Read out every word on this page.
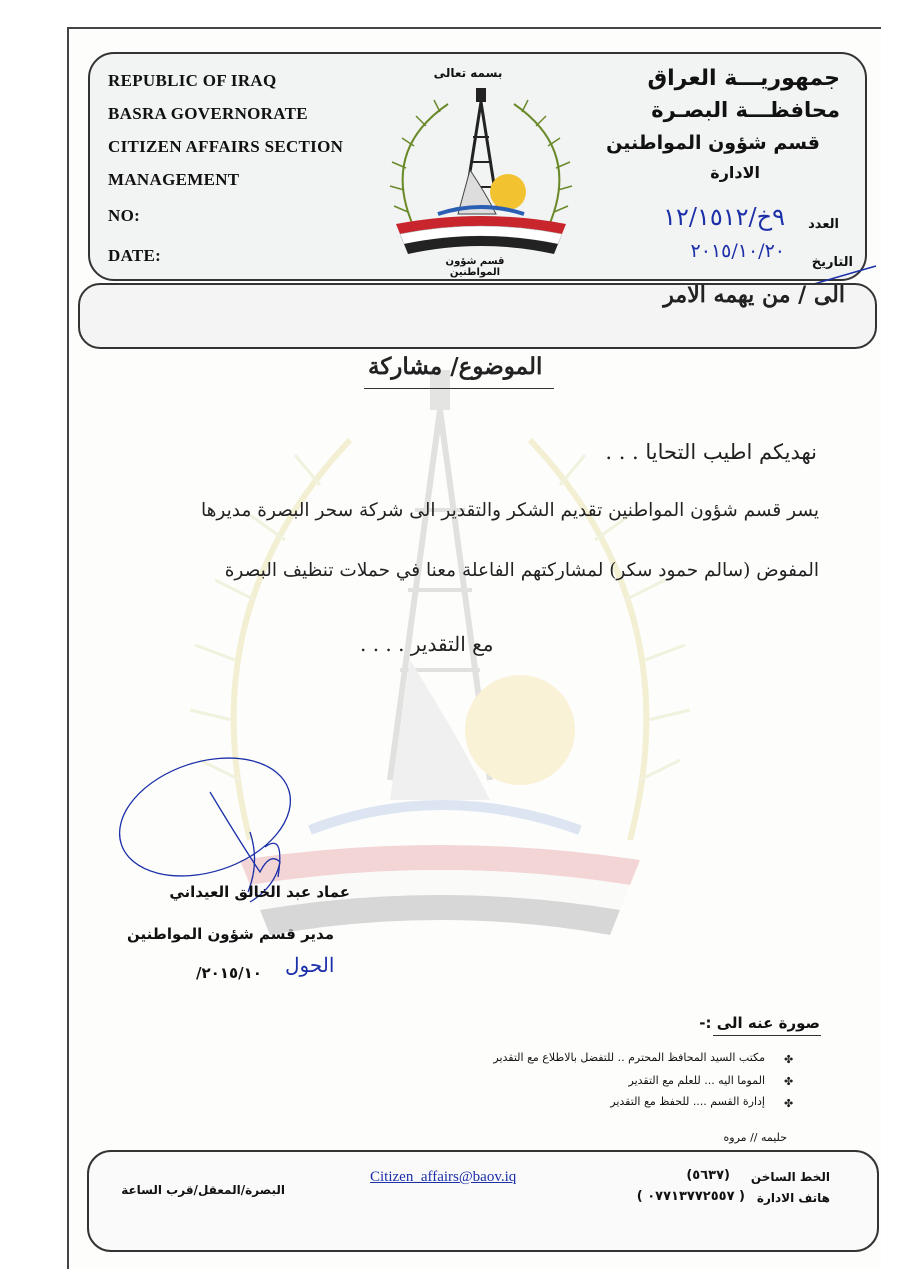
REPUBLIC OF IRAQ
BASRA GOVERNORATE
CITIZEN AFFAIRS SECTION
MANAGEMENT
NO:
DATE:
بسمه تعالى
قسم شؤون المواطنين
جمهوريـــة العراق
محافظـــة البصـرة
قسم شؤون المواطنين
الادارة
العدد
٩خ/١٢/١٥١٢
التاريخ
٢٠١٥/١٠/٢٠
الى / من يهمه الامر
الموضوع/ مشاركة
نهديكم اطيب التحايا . . .
يسر قسم شؤون المواطنين تقديم الشكر والتقدير الى شركة سحر البصرة مديرها
المفوض (سالم حمود سكر) لمشاركتهم الفاعلة معنا في حملات تنظيف البصرة
مع التقدير . . . .
عماد عبد الخالق العيداني
مدير قسم شؤون المواطنين
٢٠١٥/١٠/ الحول
صورة عنه الى :-
✤
مكتب السيد المحافظ المحترم .. للتفضل بالاطلاع مع التقدير
✤
الموما اليه ... للعلم مع التقدير
✤
إدارة القسم .... للحفظ مع التقدير
حليمه // مروه
الخط الساخن
(٥٦٣٧)
هاتف الادارة
( ٠٧٧١٣٧٧٢٥٥٧ )
Citizen_affairs@baov.iq
البصرة/المعقل/قرب الساعة
